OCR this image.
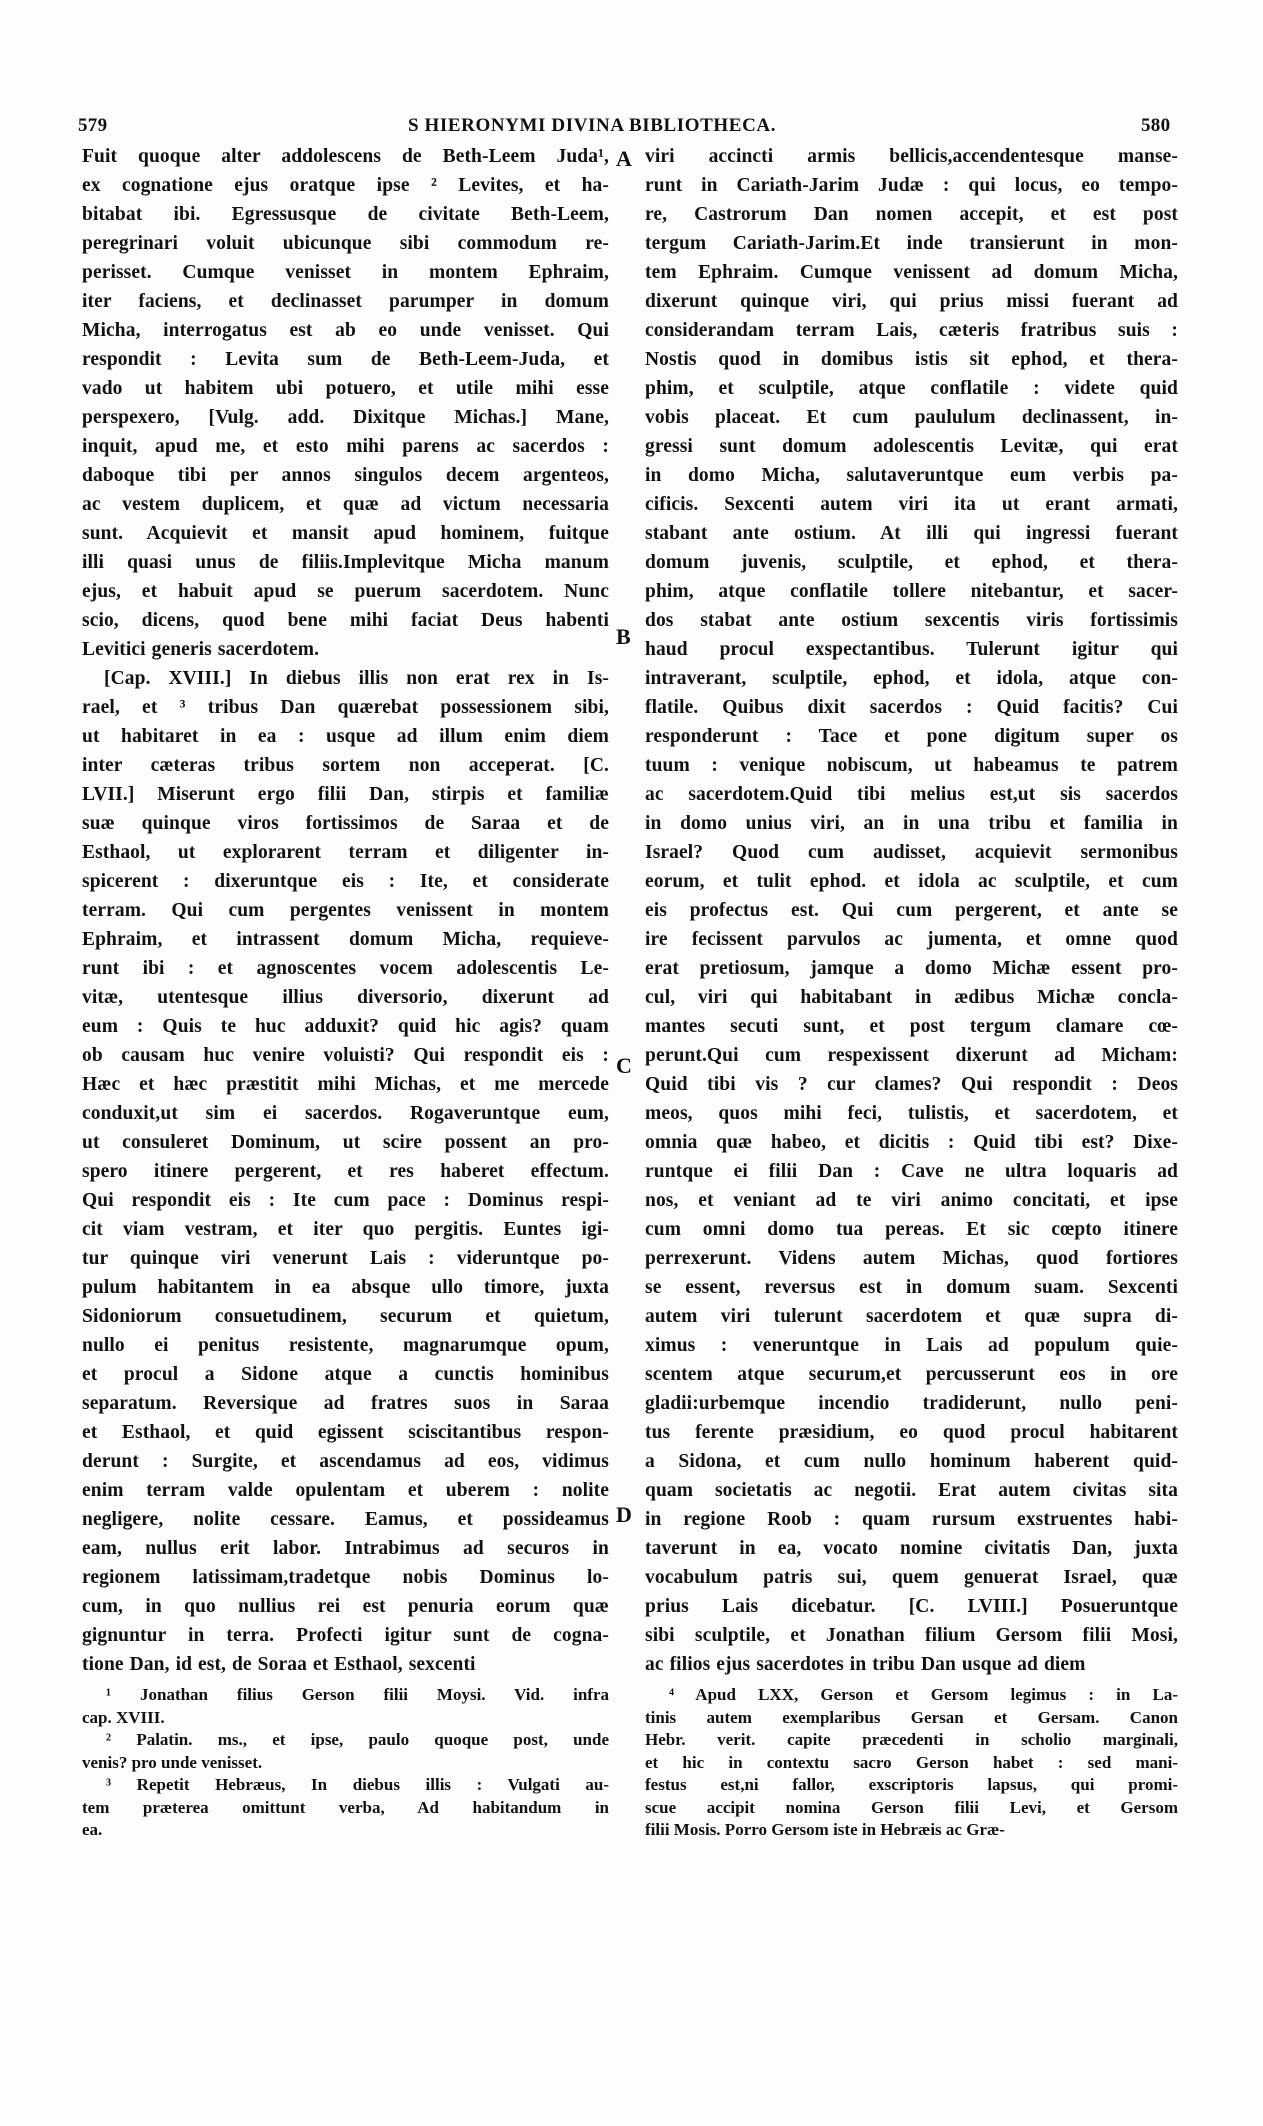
579	S HIERONYMI DIVINA BIBLIOTHECA.	580
A
B
C
D
Fuit quoque alter addolescens de Beth-Leem Juda¹,
ex cognatione ejus oratque ipse ² Levites, et ha-
bitabat ibi. Egressusque de civitate Beth-Leem,
peregrinari voluit ubicunque sibi commodum re-
perisset. Cumque venisset in montem Ephraim,
iter faciens, et declinasset parumper in domum
Micha, interrogatus est ab eo unde venisset. Qui
respondit : Levita sum de Beth-Leem-Juda, et
vado ut habitem ubi potuero, et utile mihi esse
perspexero, [Vulg. add. Dixitque Michas.] Mane,
inquit, apud me, et esto mihi parens ac sacerdos :
daboque tibi per annos singulos decem argenteos,
ac vestem duplicem, et quæ ad victum necessaria
sunt. Acquievit et mansit apud hominem, fuitque
illi quasi unus de filiis.Implevitque Micha manum
ejus, et habuit apud se puerum sacerdotem. Nunc
scio, dicens, quod bene mihi faciat Deus habenti
Levitici generis sacerdotem.
[Cap. XVIII.] In diebus illis non erat rex in Is-
rael, et ³ tribus Dan quærebat possessionem sibi,
ut habitaret in ea : usque ad illum enim diem
inter cæteras tribus sortem non acceperat. [C.
LVII.] Miserunt ergo filii Dan, stirpis et familiæ
suæ quinque viros fortissimos de Saraa et de
Esthaol, ut explorarent terram et diligenter in-
spicerent : dixeruntque eis : Ite, et considerate
terram. Qui cum pergentes venissent in montem
Ephraim, et intrassent domum Micha, requieve-
runt ibi : et agnoscentes vocem adolescentis Le-
vitæ, utentesque illius diversorio, dixerunt ad
eum : Quis te huc adduxit? quid hic agis? quam
ob causam huc venire voluisti? Qui respondit eis :
Hæc et hæc præstitit mihi Michas, et me mercede
conduxit,ut sim ei sacerdos. Rogaveruntque eum,
ut consuleret Dominum, ut scire possent an pro-
spero itinere pergerent, et res haberet effectum.
Qui respondit eis : Ite cum pace : Dominus respi-
cit viam vestram, et iter quo pergitis. Euntes igi-
tur quinque viri venerunt Lais : videruntque po-
pulum habitantem in ea absque ullo timore, juxta
Sidoniorum consuetudinem, securum et quietum,
nullo ei penitus resistente, magnarumque opum,
et procul a Sidone atque a cunctis hominibus
separatum. Reversique ad fratres suos in Saraa
et Esthaol, et quid egissent sciscitantibus respon-
derunt : Surgite, et ascendamus ad eos, vidimus
enim terram valde opulentam et uberem : nolite
negligere, nolite cessare. Eamus, et possideamus
eam, nullus erit labor. Intrabimus ad securos in
regionem latissimam,tradetque nobis Dominus lo-
cum, in quo nullius rei est penuria eorum quæ
gignuntur in terra. Profecti igitur sunt de cogna-
tione Dan, id est, de Soraa et Esthaol, sexcenti
viri accincti armis bellicis,accendentesque manse-
runt in Cariath-Jarim Judæ : qui locus, eo tempo-
re, Castrorum Dan nomen accepit, et est post
tergum Cariath-Jarim.Et inde transierunt in mon-
tem Ephraim. Cumque venissent ad domum Micha,
dixerunt quinque viri, qui prius missi fuerant ad
considerandam terram Lais, cæteris fratribus suis :
Nostis quod in domibus istis sit ephod, et thera-
phim, et sculptile, atque conflatile : videte quid
vobis placeat. Et cum paululum declinassent, in-
gressi sunt domum adolescentis Levitæ, qui erat
in domo Micha, salutaveruntque eum verbis pa-
cificis. Sexcenti autem viri ita ut erant armati,
stabant ante ostium. At illi qui ingressi fuerant
domum juvenis, sculptile, et ephod, et thera-
phim, atque conflatile tollere nitebantur, et sacer-
dos stabat ante ostium sexcentis viris fortissimis
haud procul exspectantibus. Tulerunt igitur qui
intraverant, sculptile, ephod, et idola, atque con-
flatile. Quibus dixit sacerdos : Quid facitis? Cui
responderunt : Tace et pone digitum super os
tuum : venique nobiscum, ut habeamus te patrem
ac sacerdotem.Quid tibi melius est,ut sis sacerdos
in domo unius viri, an in una tribu et familia in
Israel? Quod cum audisset, acquievit sermonibus
eorum, et tulit ephod. et idola ac sculptile, et cum
eis profectus est. Qui cum pergerent, et ante se
ire fecissent parvulos ac jumenta, et omne quod
erat pretiosum, jamque a domo Michæ essent pro-
cul, viri qui habitabant in ædibus Michæ concla-
mantes secuti sunt, et post tergum clamare cœ-
perunt.Qui cum respexissent dixerunt ad Micham:
Quid tibi vis ? cur clames? Qui respondit : Deos
meos, quos mihi feci, tulistis, et sacerdotem, et
omnia quæ habeo, et dicitis : Quid tibi est? Dixe-
runtque ei filii Dan : Cave ne ultra loquaris ad
nos, et veniant ad te viri animo concitati, et ipse
cum omni domo tua pereas. Et sic cœpto itinere
perrexerunt. Videns autem Michas, quod fortiores
se essent, reversus est in domum suam. Sexcenti
autem viri tulerunt sacerdotem et quæ supra di-
ximus : veneruntque in Lais ad populum quie-
scentem atque securum,et percusserunt eos in ore
gladii:urbemque incendio tradiderunt, nullo peni-
tus ferente præsidium, eo quod procul habitarent
a Sidona, et cum nullo hominum haberent quid-
quam societatis ac negotii. Erat autem civitas sita
in regione Roob : quam rursum exstruentes habi-
taverunt in ea, vocato nomine civitatis Dan, juxta
vocabulum patris sui, quem genuerat Israel, quæ
prius Lais dicebatur. [C. LVIII.] Posueruntque
sibi sculptile, et Jonathan filium Gersom filii Mosi,
ac filios ejus sacerdotes in tribu Dan usque ad diem
¹ Jonathan filius Gerson filii Moysi. Vid. infra
cap. XVIII.
² Palatin. ms., et ipse, paulo quoque post, unde
venis? pro unde venisset.
³ Repetit Hebræus, In diebus illis : Vulgati au-
tem præterea omittunt verba, Ad habitandum in
ea.
⁴ Apud LXX, Gerson et Gersom legimus : in La-
tinis autem exemplaribus Gersan et Gersam. Canon
Hebr. verit. capite præcedenti in scholio marginali,
et hic in contextu sacro Gerson habet : sed mani-
festus est,ni fallor, exscriptoris lapsus, qui promi-
scue accipit nomina Gerson filii Levi, et Gersom
filii Mosis. Porro Gersom iste in Hebræis ac Græ-
